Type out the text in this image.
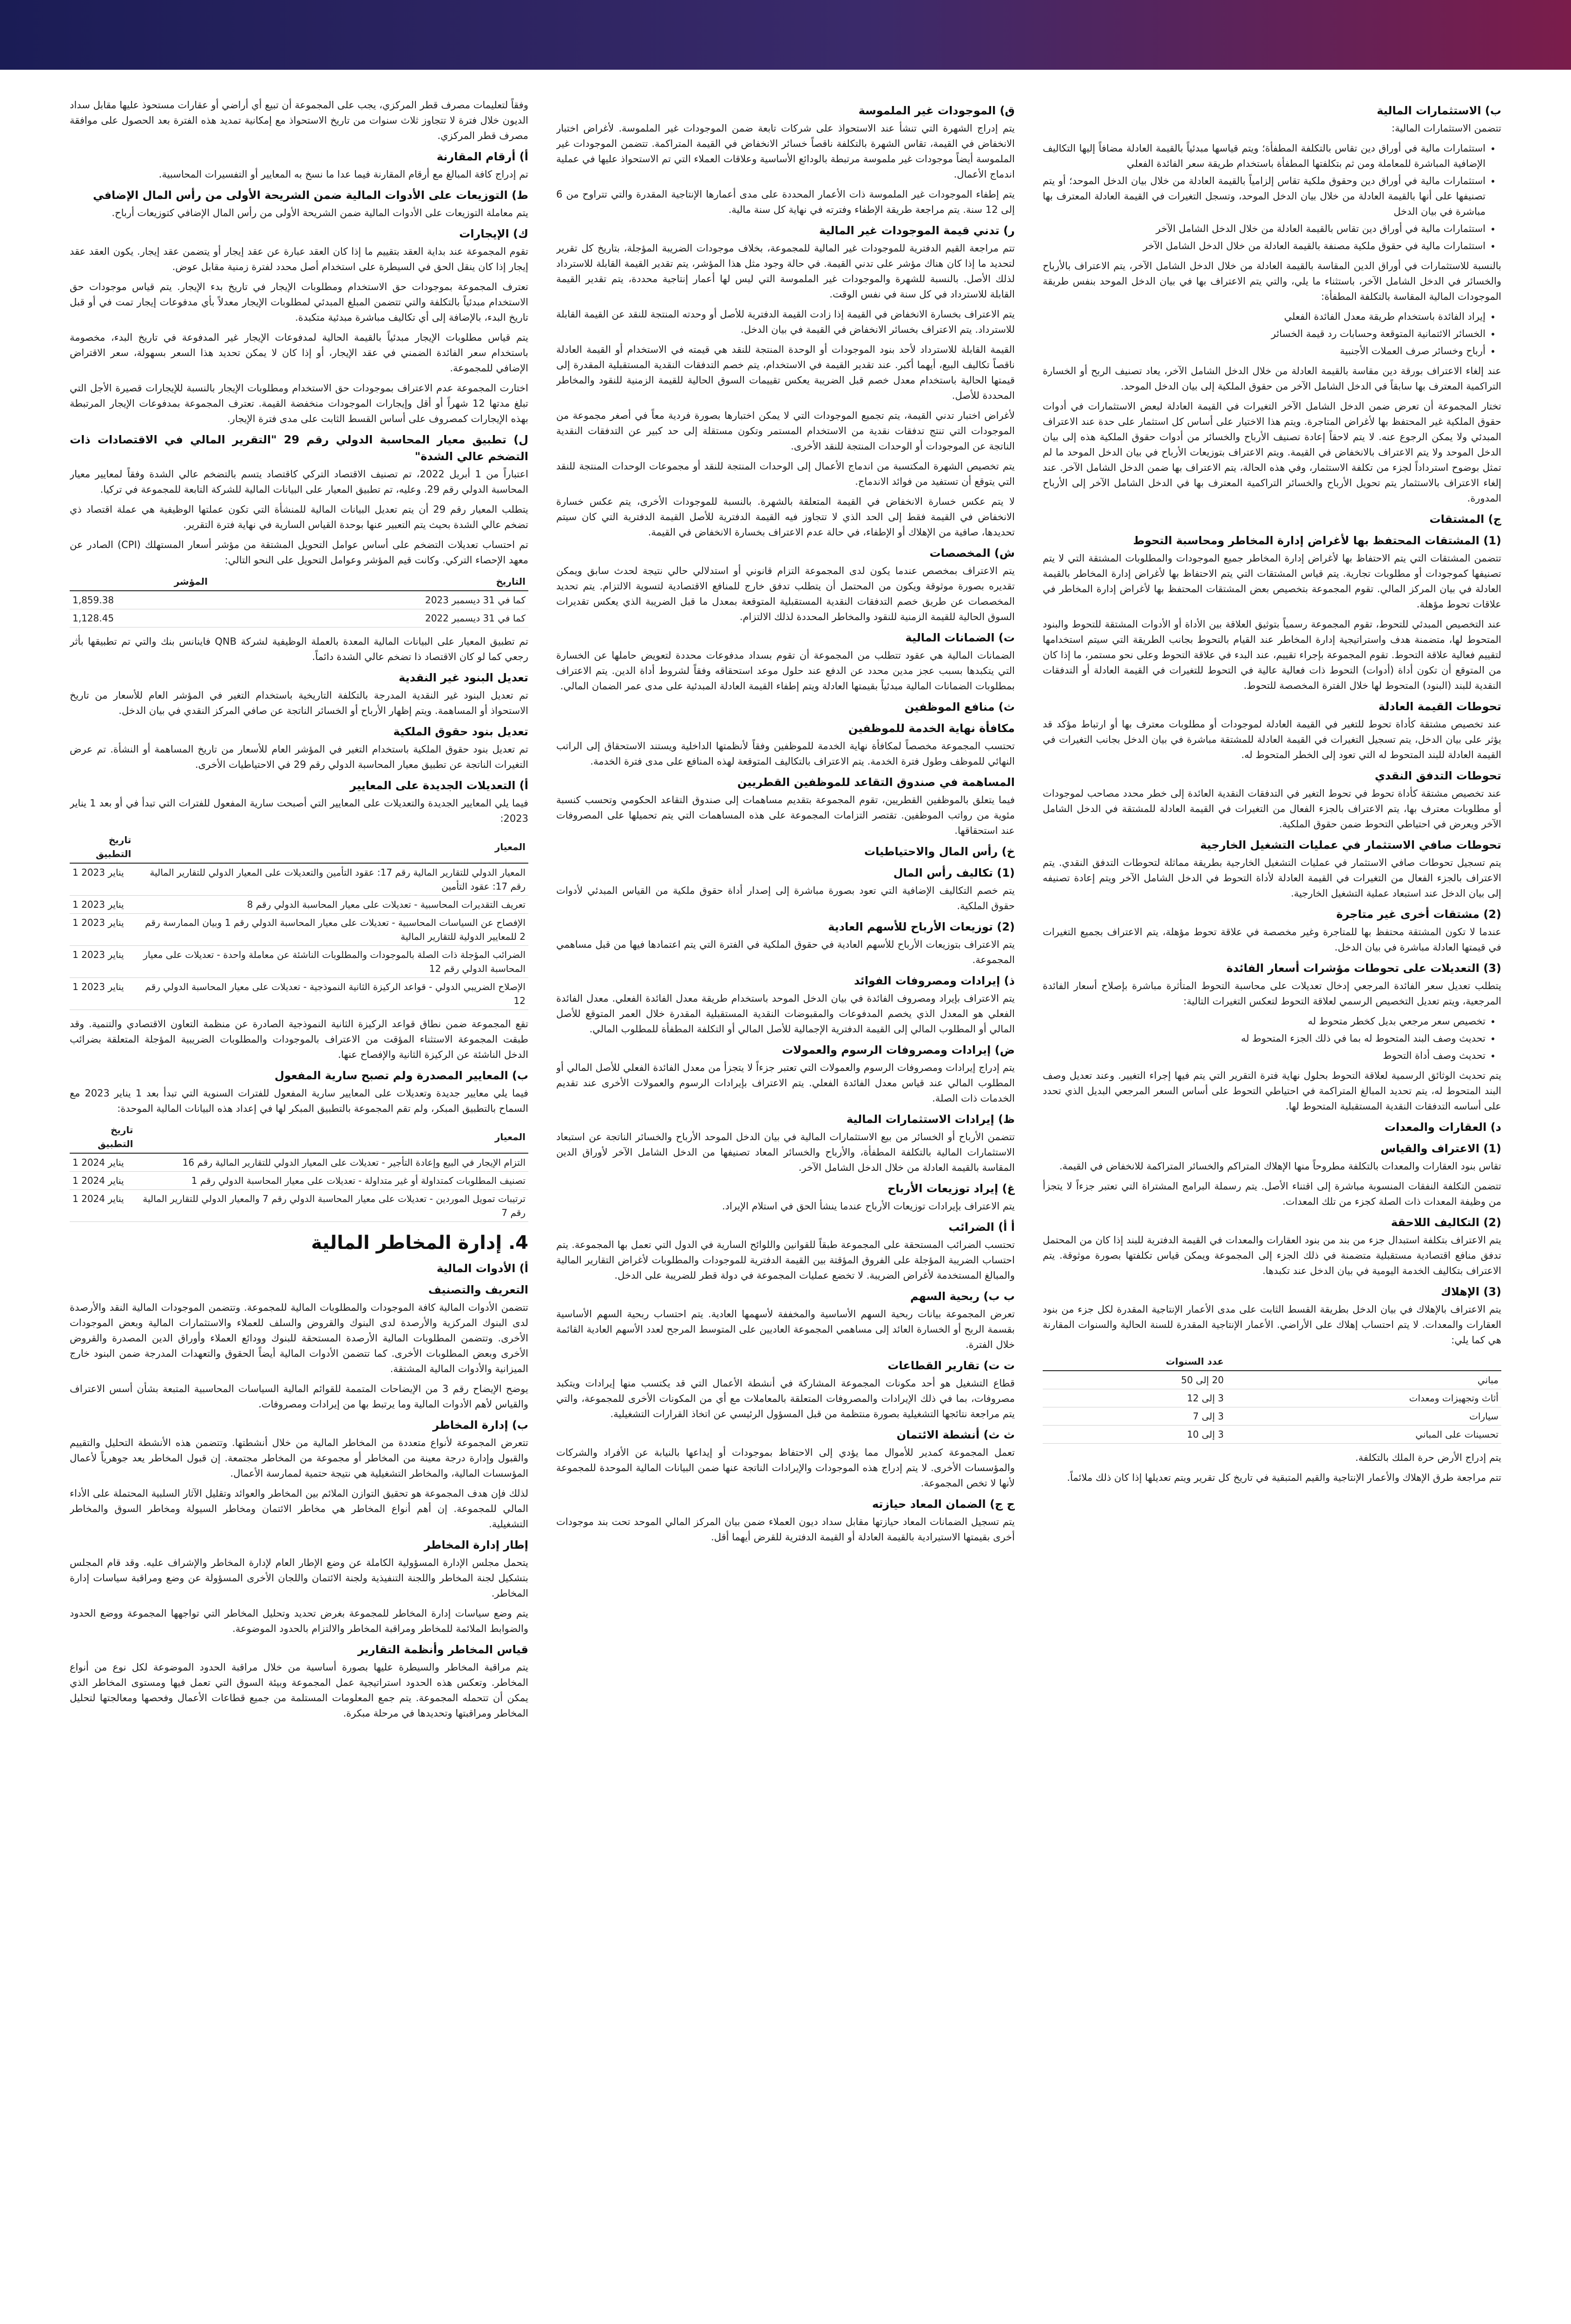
ب) الاستثمارات المالية

تتضمن الاستثمارات المالية:

• استثمارات مالية في أوراق دين تقاس بالتكلفة المطفأة؛ ويتم قياسها مبدئياً بالقيمة العادلة مضافاً إليها التكاليف الإضافية المباشرة للمعاملة ومن ثم بتكلفتها المطفأة باستخدام طريقة سعر الفائدة الفعلي
• استثمارات مالية في أوراق دين وحقوق ملكية تقاس إلزامياً بالقيمة العادلة من خلال بيان الدخل الموحد؛ أو يتم تصنيفها على أنها بالقيمة العادلة من خلال بيان الدخل الموحد، وتسجل التغيرات في القيمة العادلة المعترف بها مباشرة في بيان الدخل
• استثمارات مالية في أوراق دين تقاس بالقيمة العادلة من خلال الدخل الشامل الآخر
• استثمارات مالية في حقوق ملكية مصنفة بالقيمة العادلة من خلال الدخل الشامل الآخر

بالنسبة للاستثمارات في أوراق الدين المقاسة بالقيمة العادلة من خلال الدخل الشامل الآخر، يتم الاعتراف بالأرباح والخسائر في الدخل الشامل الآخر، باستثناء ما يلي، والتي يتم الاعتراف بها في بيان الدخل الموحد بنفس طريقة الموجودات المالية المقاسة بالتكلفة المطفأة:

• إيراد الفائدة باستخدام طريقة معدل الفائدة الفعلي
• الخسائر الائتمانية المتوقعة وحسابات رد قيمة الخسائر
• أرباح وخسائر صرف العملات الأجنبية

عند إلغاء الاعتراف بورقة دين مقاسة بالقيمة العادلة من خلال الدخل الشامل الآخر، يعاد تصنيف الربح أو الخسارة التراكمية المعترف بها سابقاً في الدخل الشامل الآخر من حقوق الملكية إلى بيان الدخل الموحد.

تختار المجموعة أن تعرض ضمن الدخل الشامل الآخر التغيرات في القيمة العادلة لبعض الاستثمارات في أدوات حقوق الملكية غير المحتفظ بها لأغراض المتاجرة. ويتم هذا الاختيار على أساس كل استثمار على حدة عند الاعتراف المبدئي ولا يمكن الرجوع عنه. لا يتم لاحقاً إعادة تصنيف الأرباح والخسائر من أدوات حقوق الملكية هذه إلى بيان الدخل الموحد ولا يتم الاعتراف بالانخفاض في القيمة. ويتم الاعتراف بتوزيعات الأرباح في بيان الدخل الموحد ما لم تمثل بوضوح استرداداً لجزء من تكلفة الاستثمار، وفي هذه الحالة، يتم الاعتراف بها ضمن الدخل الشامل الآخر. عند إلغاء الاعتراف بالاستثمار يتم تحويل الأرباح والخسائر التراكمية المعترف بها في الدخل الشامل الآخر إلى الأرباح المدورة.

ج) المشتقات
(1) المشتقات المحتفظ بها لأغراض إدارة المخاطر ومحاسبة التحوط

تتضمن المشتقات التي يتم الاحتفاظ بها لأغراض إدارة المخاطر جميع الموجودات والمطلوبات المشتقة التي لا يتم تصنيفها كموجودات أو مطلوبات تجارية. يتم قياس المشتقات التي يتم الاحتفاظ بها لأغراض إدارة المخاطر بالقيمة العادلة في بيان المركز المالي. تقوم المجموعة بتخصيص بعض المشتقات المحتفظ بها لأغراض إدارة المخاطر في علاقات تحوط مؤهلة.

عند التخصيص المبدئي للتحوط، تقوم المجموعة رسمياً بتوثيق العلاقة بين الأداة أو الأدوات المشتقة للتحوط والبنود المتحوط لها، متضمنة هدف واستراتيجية إدارة المخاطر عند القيام بالتحوط بجانب الطريقة التي سيتم استخدامها لتقييم فعالية علاقة التحوط. تقوم المجموعة بإجراء تقييم، عند البدء في علاقة التحوط وعلى نحو مستمر، ما إذا كان من المتوقع أن تكون أداة (أدوات) التحوط ذات فعالية عالية في التحوط للتغيرات في القيمة العادلة أو التدفقات النقدية للبند (البنود) المتحوط لها خلال الفترة المخصصة للتحوط.

تحوطات القيمة العادلة

عند تخصيص مشتقة كأداة تحوط للتغير في القيمة العادلة لموجودات أو مطلوبات معترف بها أو ارتباط مؤكد قد يؤثر على بيان الدخل، يتم تسجيل التغيرات في القيمة العادلة للمشتقة مباشرة في بيان الدخل بجانب التغيرات في القيمة العادلة للبند المتحوط له التي تعود إلى الخطر المتحوط له.

تحوطات التدفق النقدي

عند تخصيص مشتقة كأداة تحوط في تحوط التغير في التدفقات النقدية العائدة إلى خطر محدد مصاحب لموجودات أو مطلوبات معترف بها، يتم الاعتراف بالجزء الفعال من التغيرات في القيمة العادلة للمشتقة في الدخل الشامل الآخر ويعرض في احتياطي التحوط ضمن حقوق الملكية.

تحوطات صافي الاستثمار في عمليات التشغيل الخارجية

يتم تسجيل تحوطات صافي الاستثمار في عمليات التشغيل الخارجية بطريقة مماثلة لتحوطات التدفق النقدي. يتم الاعتراف بالجزء الفعال من التغيرات في القيمة العادلة لأداة التحوط في الدخل الشامل الآخر ويتم إعادة تصنيفه إلى بيان الدخل عند استبعاد عملية التشغيل الخارجية.

(2) مشتقات أخرى غير متاجرة

عندما لا تكون المشتقة محتفظ بها للمتاجرة وغير مخصصة في علاقة تحوط مؤهلة، يتم الاعتراف بجميع التغيرات في قيمتها العادلة مباشرة في بيان الدخل.

(3) التعديلات على تحوطات مؤشرات أسعار الفائدة

يتطلب تعديل سعر الفائدة المرجعي إدخال تعديلات على محاسبة التحوط المتأثرة مباشرة بإصلاح أسعار الفائدة المرجعية، ويتم تعديل التخصيص الرسمي لعلاقة التحوط لتعكس التغيرات التالية:

• تخصيص سعر مرجعي بديل كخطر متحوط له
• تحديث وصف البند المتحوط له بما في ذلك الجزء المتحوط له
• تحديث وصف أداة التحوط

يتم تحديث الوثائق الرسمية لعلاقة التحوط بحلول نهاية فترة التقرير التي يتم فيها إجراء التغيير. وعند تعديل وصف البند المتحوط له، يتم تحديد المبالغ المتراكمة في احتياطي التحوط على أساس السعر المرجعي البديل الذي تحدد على أساسه التدفقات النقدية المستقبلية المتحوط لها.

د) العقارات والمعدات
(1) الاعتراف والقياس

تقاس بنود العقارات والمعدات بالتكلفة مطروحاً منها الإهلاك المتراكم والخسائر المتراكمة للانخفاض في القيمة.

تتضمن التكلفة النفقات المنسوبة مباشرة إلى اقتناء الأصل. يتم رسملة البرامج المشتراة التي تعتبر جزءاً لا يتجزأ من وظيفة المعدات ذات الصلة كجزء من تلك المعدات.

(2) التكاليف اللاحقة

يتم الاعتراف بتكلفة استبدال جزء من بند من بنود العقارات والمعدات في القيمة الدفترية للبند إذا كان من المحتمل تدفق منافع اقتصادية مستقبلية متضمنة في ذلك الجزء إلى المجموعة ويمكن قياس تكلفتها بصورة موثوقة. يتم الاعتراف بتكاليف الخدمة اليومية في بيان الدخل عند تكبدها.

(3) الإهلاك

يتم الاعتراف بالإهلاك في بيان الدخل بطريقة القسط الثابت على مدى الأعمار الإنتاجية المقدرة لكل جزء من بنود العقارات والمعدات. لا يتم احتساب إهلاك على الأراضي. الأعمار الإنتاجية المقدرة للسنة الحالية والسنوات المقارنة هي كما يلي:

	عدد السنوات
مباني	20 إلى 50
أثاث وتجهيزات ومعدات	3 إلى 12
سيارات	3 إلى 7
تحسينات على المباني	3 إلى 10

يتم إدراج الأرض حرة الملك بالتكلفة.

تتم مراجعة طرق الإهلاك والأعمار الإنتاجية والقيم المتبقية في تاريخ كل تقرير ويتم تعديلها إذا كان ذلك ملائماً.

ق) الموجودات غير الملموسة

يتم إدراج الشهرة التي تنشأ عند الاستحواذ على شركات تابعة ضمن الموجودات غير الملموسة. لأغراض اختبار الانخفاض في القيمة، تقاس الشهرة بالتكلفة ناقصاً خسائر الانخفاض في القيمة المتراكمة. تتضمن الموجودات غير الملموسة أيضاً موجودات غير ملموسة مرتبطة بالودائع الأساسية وعلاقات العملاء التي تم الاستحواذ عليها في عملية اندماج الأعمال.

يتم إطفاء الموجودات غير الملموسة ذات الأعمار المحددة على مدى أعمارها الإنتاجية المقدرة والتي تتراوح من 6 إلى 12 سنة. يتم مراجعة طريقة الإطفاء وفترته في نهاية كل سنة مالية.

ر) تدني قيمة الموجودات غير المالية

تتم مراجعة القيم الدفترية للموجودات غير المالية للمجموعة، بخلاف موجودات الضريبة المؤجلة، بتاريخ كل تقرير لتحديد ما إذا كان هناك مؤشر على تدني القيمة. في حالة وجود مثل هذا المؤشر، يتم تقدير القيمة القابلة للاسترداد لذلك الأصل. بالنسبة للشهرة والموجودات غير الملموسة التي ليس لها أعمار إنتاجية محددة، يتم تقدير القيمة القابلة للاسترداد في كل سنة في نفس الوقت.

يتم الاعتراف بخسارة الانخفاض في القيمة إذا زادت القيمة الدفترية للأصل أو وحدته المنتجة للنقد عن القيمة القابلة للاسترداد. يتم الاعتراف بخسائر الانخفاض في القيمة في بيان الدخل.

القيمة القابلة للاسترداد لأحد بنود الموجودات أو الوحدة المنتجة للنقد هي قيمته في الاستخدام أو القيمة العادلة ناقصاً تكاليف البيع، أيهما أكبر. عند تقدير القيمة في الاستخدام، يتم خصم التدفقات النقدية المستقبلية المقدرة إلى قيمتها الحالية باستخدام معدل خصم قبل الضريبة يعكس تقييمات السوق الحالية للقيمة الزمنية للنقود والمخاطر المحددة للأصل.

لأغراض اختبار تدني القيمة، يتم تجميع الموجودات التي لا يمكن اختبارها بصورة فردية معاً في أصغر مجموعة من الموجودات التي تنتج تدفقات نقدية من الاستخدام المستمر وتكون مستقلة إلى حد كبير عن التدفقات النقدية الناتجة عن الموجودات أو الوحدات المنتجة للنقد الأخرى.

يتم تخصيص الشهرة المكتسبة من اندماج الأعمال إلى الوحدات المنتجة للنقد أو مجموعات الوحدات المنتجة للنقد التي يتوقع أن تستفيد من فوائد الاندماج.

لا يتم عكس خسارة الانخفاض في القيمة المتعلقة بالشهرة. بالنسبة للموجودات الأخرى، يتم عكس خسارة الانخفاض في القيمة فقط إلى الحد الذي لا تتجاوز فيه القيمة الدفترية للأصل القيمة الدفترية التي كان سيتم تحديدها، صافية من الإهلاك أو الإطفاء، في حالة عدم الاعتراف بخسارة الانخفاض في القيمة.

ش) المخصصات

يتم الاعتراف بمخصص عندما يكون لدى المجموعة التزام قانوني أو استدلالي حالي نتيجة لحدث سابق ويمكن تقديره بصورة موثوقة ويكون من المحتمل أن يتطلب تدفق خارج للمنافع الاقتصادية لتسوية الالتزام. يتم تحديد المخصصات عن طريق خصم التدفقات النقدية المستقبلية المتوقعة بمعدل ما قبل الضريبة الذي يعكس تقديرات السوق الحالية للقيمة الزمنية للنقود والمخاطر المحددة لذلك الالتزام.

ت) الضمانات المالية

الضمانات المالية هي عقود تتطلب من المجموعة أن تقوم بسداد مدفوعات محددة لتعويض حاملها عن الخسارة التي يتكبدها بسبب عجز مدين محدد عن الدفع عند حلول موعد استحقاقه وفقاً لشروط أداة الدين. يتم الاعتراف بمطلوبات الضمانات المالية مبدئياً بقيمتها العادلة ويتم إطفاء القيمة العادلة المبدئية على مدى عمر الضمان المالي.

ث) منافع الموظفين
مكافأة نهاية الخدمة للموظفين

تحتسب المجموعة مخصصاً لمكافأة نهاية الخدمة للموظفين وفقاً لأنظمتها الداخلية ويستند الاستحقاق إلى الراتب النهائي للموظف وطول فترة الخدمة. يتم الاعتراف بالتكاليف المتوقعة لهذه المنافع على مدى فترة الخدمة.

المساهمة في صندوق التقاعد للموظفين القطريين

فيما يتعلق بالموظفين القطريين، تقوم المجموعة بتقديم مساهمات إلى صندوق التقاعد الحكومي وتحسب كنسبة مئوية من رواتب الموظفين. تقتصر التزامات المجموعة على هذه المساهمات التي يتم تحميلها على المصروفات عند استحقاقها.

خ) رأس المال والاحتياطيات
(1) تكاليف رأس المال

يتم خصم التكاليف الإضافية التي تعود بصورة مباشرة إلى إصدار أداة حقوق ملكية من القياس المبدئي لأدوات حقوق الملكية.

(2) توزيعات الأرباح للأسهم العادية

يتم الاعتراف بتوزيعات الأرباح للأسهم العادية في حقوق الملكية في الفترة التي يتم اعتمادها فيها من قبل مساهمي المجموعة.

ذ) إيرادات ومصروفات الفوائد

يتم الاعتراف بإيراد ومصروف الفائدة في بيان الدخل الموحد باستخدام طريقة معدل الفائدة الفعلي. معدل الفائدة الفعلي هو المعدل الذي يخصم المدفوعات والمقبوضات النقدية المستقبلية المقدرة خلال العمر المتوقع للأصل المالي أو المطلوب المالي إلى القيمة الدفترية الإجمالية للأصل المالي أو التكلفة المطفأة للمطلوب المالي.

ض) إيرادات ومصروفات الرسوم والعمولات

يتم إدراج إيرادات ومصروفات الرسوم والعمولات التي تعتبر جزءاً لا يتجزأ من معدل الفائدة الفعلي للأصل المالي أو المطلوب المالي عند قياس معدل الفائدة الفعلي. يتم الاعتراف بإيرادات الرسوم والعمولات الأخرى عند تقديم الخدمات ذات الصلة.

ظ) إيرادات الاستثمارات المالية

تتضمن الأرباح أو الخسائر من بيع الاستثمارات المالية في بيان الدخل الموحد الأرباح والخسائر الناتجة عن استبعاد الاستثمارات المالية بالتكلفة المطفأة، والأرباح والخسائر المعاد تصنيفها من الدخل الشامل الآخر لأوراق الدين المقاسة بالقيمة العادلة من خلال الدخل الشامل الآخر.

غ) إيراد توزيعات الأرباح

يتم الاعتراف بإيرادات توزيعات الأرباح عندما ينشأ الحق في استلام الإيراد.

أ أ) الضرائب

تحتسب الضرائب المستحقة على المجموعة طبقاً للقوانين واللوائح السارية في الدول التي تعمل بها المجموعة. يتم احتساب الضريبة المؤجلة على الفروق المؤقتة بين القيمة الدفترية للموجودات والمطلوبات لأغراض التقارير المالية والمبالغ المستخدمة لأغراض الضريبة. لا تخضع عمليات المجموعة في دولة قطر للضريبة على الدخل.

ب ب) ربحية السهم

تعرض المجموعة بيانات ربحية السهم الأساسية والمخففة لأسهمها العادية. يتم احتساب ربحية السهم الأساسية بقسمة الربح أو الخسارة العائد إلى مساهمي المجموعة العاديين على المتوسط المرجح لعدد الأسهم العادية القائمة خلال الفترة.

ت ت) تقارير القطاعات

قطاع التشغيل هو أحد مكونات المجموعة المشاركة في أنشطة الأعمال التي قد يكتسب منها إيرادات ويتكبد مصروفات، بما في ذلك الإيرادات والمصروفات المتعلقة بالمعاملات مع أي من المكونات الأخرى للمجموعة، والتي يتم مراجعة نتائجها التشغيلية بصورة منتظمة من قبل المسؤول الرئيسي عن اتخاذ القرارات التشغيلية.

ث ث) أنشطة الائتمان

تعمل المجموعة كمدير للأموال مما يؤدي إلى الاحتفاظ بموجودات أو إيداعها بالنيابة عن الأفراد والشركات والمؤسسات الأخرى. لا يتم إدراج هذه الموجودات والإيرادات الناتجة عنها ضمن البيانات المالية الموحدة للمجموعة لأنها لا تخص المجموعة.

ج ج) الضمان المعاد حيازته

يتم تسجيل الضمانات المعاد حيازتها مقابل سداد ديون العملاء ضمن بيان المركز المالي الموحد تحت بند موجودات أخرى بقيمتها الاستيرادية بالقيمة العادلة أو القيمة الدفترية للقرض أيهما أقل.

وفقاً لتعليمات مصرف قطر المركزي، يجب على المجموعة أن تبيع أي أراضي أو عقارات مستحوذ عليها مقابل سداد الديون خلال فترة لا تتجاوز ثلاث سنوات من تاريخ الاستحواذ مع إمكانية تمديد هذه الفترة بعد الحصول على موافقة مصرف قطر المركزي.

أ) أرقام المقارنة

تم إدراج كافة المبالغ مع أرقام المقارنة فيما عدا ما نسخ به المعايير أو التفسيرات المحاسبية.

ط) التوزيعات على الأدوات المالية ضمن الشريحة الأولى من رأس المال الإضافي

يتم معاملة التوزيعات على الأدوات المالية ضمن الشريحة الأولى من رأس المال الإضافي كتوزيعات أرباح.

ك) الإيجارات

تقوم المجموعة عند بداية العقد بتقييم ما إذا كان العقد عبارة عن عقد إيجار أو يتضمن عقد إيجار. يكون العقد عقد إيجار إذا كان ينقل الحق في السيطرة على استخدام أصل محدد لفترة زمنية مقابل عوض.

تعترف المجموعة بموجودات حق الاستخدام ومطلوبات الإيجار في تاريخ بدء الإيجار. يتم قياس موجودات حق الاستخدام مبدئياً بالتكلفة والتي تتضمن المبلغ المبدئي لمطلوبات الإيجار معدلاً بأي مدفوعات إيجار تمت في أو قبل تاريخ البدء، بالإضافة إلى أي تكاليف مباشرة مبدئية متكبدة.

يتم قياس مطلوبات الإيجار مبدئياً بالقيمة الحالية لمدفوعات الإيجار غير المدفوعة في تاريخ البدء، مخصومة باستخدام سعر الفائدة الضمني في عقد الإيجار، أو إذا كان لا يمكن تحديد هذا السعر بسهولة، سعر الاقتراض الإضافي للمجموعة.

اختارت المجموعة عدم الاعتراف بموجودات حق الاستخدام ومطلوبات الإيجار بالنسبة للإيجارات قصيرة الأجل التي تبلغ مدتها 12 شهراً أو أقل وإيجارات الموجودات منخفضة القيمة. تعترف المجموعة بمدفوعات الإيجار المرتبطة بهذه الإيجارات كمصروف على أساس القسط الثابت على مدى فترة الإيجار.

ل) تطبيق معيار المحاسبة الدولي رقم 29 "التقرير المالي في الاقتصادات ذات التضخم عالي الشدة"

اعتباراً من 1 أبريل 2022، تم تصنيف الاقتصاد التركي كاقتصاد يتسم بالتضخم عالي الشدة وفقاً لمعايير معيار المحاسبة الدولي رقم 29. وعليه، تم تطبيق المعيار على البيانات المالية للشركة التابعة للمجموعة في تركيا.

يتطلب المعيار رقم 29 أن يتم تعديل البيانات المالية للمنشأة التي تكون عملتها الوظيفية هي عملة اقتصاد ذي تضخم عالي الشدة بحيث يتم التعبير عنها بوحدة القياس السارية في نهاية فترة التقرير.

تم احتساب تعديلات التضخم على أساس عوامل التحويل المشتقة من مؤشر أسعار المستهلك (CPI) الصادر عن معهد الإحصاء التركي. وكانت قيم المؤشر وعوامل التحويل على النحو التالي:

التاريخ	المؤشر
كما في 31 ديسمبر 2023	1,859.38
كما في 31 ديسمبر 2022	1,128.45

تم تطبيق المعيار على البيانات المالية المعدة بالعملة الوظيفية لشركة QNB فاينانس بنك والتي تم تطبيقها بأثر رجعي كما لو كان الاقتصاد ذا تضخم عالي الشدة دائماً.

تعديل البنود غير النقدية

تم تعديل البنود غير النقدية المدرجة بالتكلفة التاريخية باستخدام التغير في المؤشر العام للأسعار من تاريخ الاستحواذ أو المساهمة. ويتم إظهار الأرباح أو الخسائر الناتجة عن صافي المركز النقدي في بيان الدخل.

تعديل بنود حقوق الملكية

تم تعديل بنود حقوق الملكية باستخدام التغير في المؤشر العام للأسعار من تاريخ المساهمة أو النشأة. تم عرض التغيرات الناتجة عن تطبيق معيار المحاسبة الدولي رقم 29 في الاحتياطيات الأخرى.

أ) التعديلات الجديدة على المعايير

فيما يلي المعايير الجديدة والتعديلات على المعايير التي أصبحت سارية المفعول للفترات التي تبدأ في أو بعد 1 يناير 2023:

المعيار	تاريخ التطبيق
المعيار الدولي للتقارير المالية رقم 17: عقود التأمين والتعديلات على المعيار الدولي للتقارير المالية رقم 17: عقود التأمين	1 يناير 2023
تعريف التقديرات المحاسبية - تعديلات على معيار المحاسبة الدولي رقم 8	1 يناير 2023
الإفصاح عن السياسات المحاسبية - تعديلات على معيار المحاسبة الدولي رقم 1 وبيان الممارسة رقم 2 للمعايير الدولية للتقارير المالية	1 يناير 2023
الضرائب المؤجلة ذات الصلة بالموجودات والمطلوبات الناشئة عن معاملة واحدة - تعديلات على معيار المحاسبة الدولي رقم 12	1 يناير 2023
الإصلاح الضريبي الدولي - قواعد الركيزة الثانية النموذجية - تعديلات على معيار المحاسبة الدولي رقم 12	1 يناير 2023

تقع المجموعة ضمن نطاق قواعد الركيزة الثانية النموذجية الصادرة عن منظمة التعاون الاقتصادي والتنمية. وقد طبقت المجموعة الاستثناء المؤقت من الاعتراف بالموجودات والمطلوبات الضريبية المؤجلة المتعلقة بضرائب الدخل الناشئة عن الركيزة الثانية والإفصاح عنها.

ب) المعايير المصدرة ولم تصبح سارية المفعول

فيما يلي معايير جديدة وتعديلات على المعايير سارية المفعول للفترات السنوية التي تبدأ بعد 1 يناير 2023 مع السماح بالتطبيق المبكر، ولم تقم المجموعة بالتطبيق المبكر لها في إعداد هذه البيانات المالية الموحدة:

المعيار	تاريخ التطبيق
التزام الإيجار في البيع وإعادة التأجير - تعديلات على المعيار الدولي للتقارير المالية رقم 16	1 يناير 2024
تصنيف المطلوبات كمتداولة أو غير متداولة - تعديلات على معيار المحاسبة الدولي رقم 1	1 يناير 2024
ترتيبات تمويل الموردين - تعديلات على معيار المحاسبة الدولي رقم 7 والمعيار الدولي للتقارير المالية رقم 7	1 يناير 2024
4. إدارة المخاطر المالية
أ) الأدوات المالية
التعريف والتصنيف

تتضمن الأدوات المالية كافة الموجودات والمطلوبات المالية للمجموعة. وتتضمن الموجودات المالية النقد والأرصدة لدى البنوك المركزية والأرصدة لدى البنوك والقروض والسلف للعملاء والاستثمارات المالية وبعض الموجودات الأخرى. وتتضمن المطلوبات المالية الأرصدة المستحقة للبنوك وودائع العملاء وأوراق الدين المصدرة والقروض الأخرى وبعض المطلوبات الأخرى. كما تتضمن الأدوات المالية أيضاً الحقوق والتعهدات المدرجة ضمن البنود خارج الميزانية والأدوات المالية المشتقة.

يوضح الإيضاح رقم 3 من الإيضاحات المتممة للقوائم المالية السياسات المحاسبية المتبعة بشأن أسس الاعتراف والقياس لأهم الأدوات المالية وما يرتبط بها من إيرادات ومصروفات.

ب) إدارة المخاطر

تتعرض المجموعة لأنواع متعددة من المخاطر المالية من خلال أنشطتها. وتتضمن هذه الأنشطة التحليل والتقييم والقبول وإدارة درجة معينة من المخاطر أو مجموعة من المخاطر مجتمعة. إن قبول المخاطر يعد جوهرياً لأعمال المؤسسات المالية، والمخاطر التشغيلية هي نتيجة حتمية لممارسة الأعمال.

لذلك فإن هدف المجموعة هو تحقيق التوازن الملائم بين المخاطر والعوائد وتقليل الآثار السلبية المحتملة على الأداء المالي للمجموعة. إن أهم أنواع المخاطر هي مخاطر الائتمان ومخاطر السيولة ومخاطر السوق والمخاطر التشغيلية.

إطار إدارة المخاطر

يتحمل مجلس الإدارة المسؤولية الكاملة عن وضع الإطار العام لإدارة المخاطر والإشراف عليه. وقد قام المجلس بتشكيل لجنة المخاطر واللجنة التنفيذية ولجنة الائتمان واللجان الأخرى المسؤولة عن وضع ومراقبة سياسات إدارة المخاطر.

يتم وضع سياسات إدارة المخاطر للمجموعة بغرض تحديد وتحليل المخاطر التي تواجهها المجموعة ووضع الحدود والضوابط الملائمة للمخاطر ومراقبة المخاطر والالتزام بالحدود الموضوعة.

قياس المخاطر وأنظمة التقارير

يتم مراقبة المخاطر والسيطرة عليها بصورة أساسية من خلال مراقبة الحدود الموضوعة لكل نوع من أنواع المخاطر. وتعكس هذه الحدود استراتيجية عمل المجموعة وبيئة السوق التي تعمل فيها ومستوى المخاطر الذي يمكن أن تتحمله المجموعة. يتم جمع المعلومات المستلمة من جميع قطاعات الأعمال وفحصها ومعالجتها لتحليل المخاطر ومراقبتها وتحديدها في مرحلة مبكرة.
